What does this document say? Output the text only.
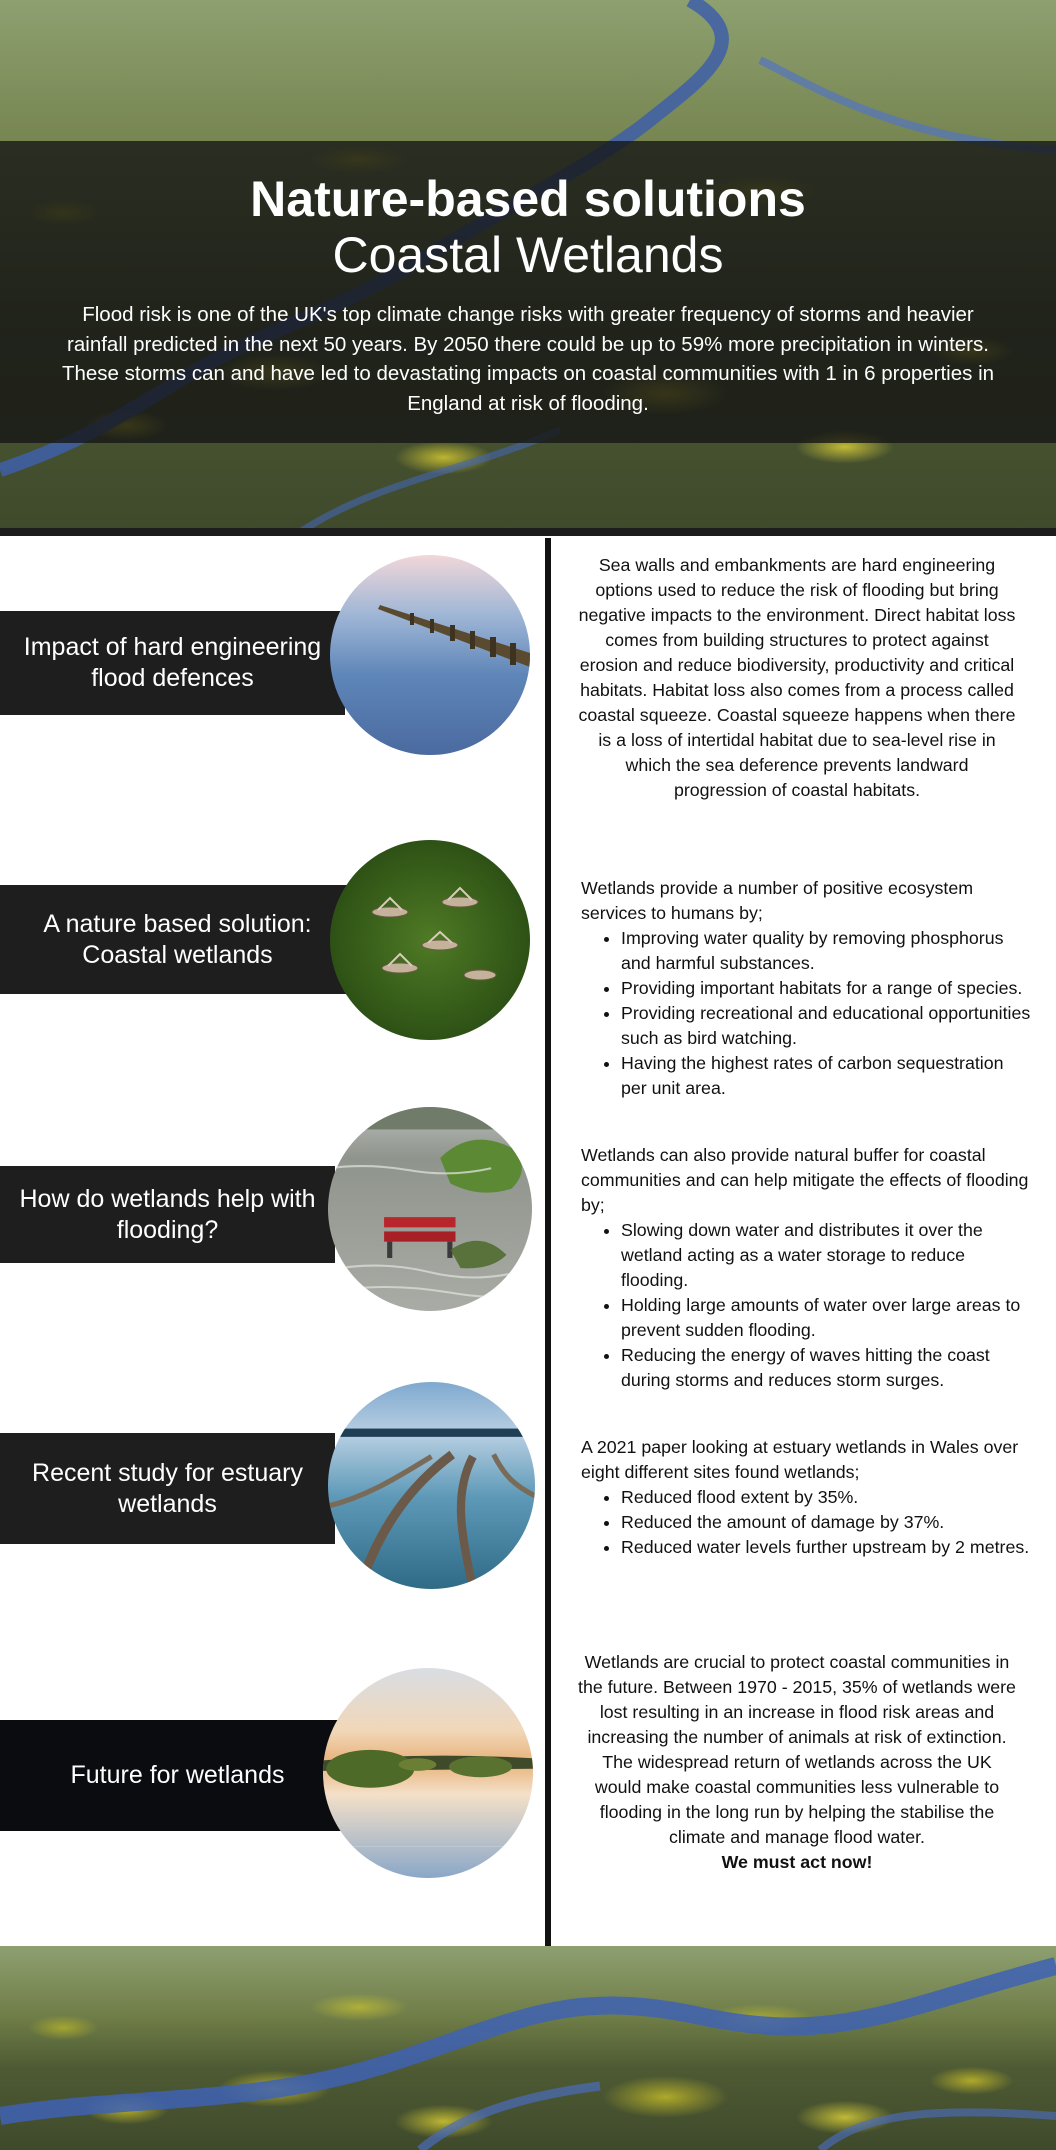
Nature-based solutions
Coastal Wetlands
Flood risk is one of the UK's top climate change risks with greater frequency of storms and heavier rainfall predicted in the next 50 years. By 2050 there could be up to 59% more precipitation in winters. These storms can and have led to devastating impacts on coastal communities with 1 in 6 properties in England at risk of flooding.
Impact of hard engineering flood defences
Sea walls and embankments are hard engineering options used to reduce the risk of flooding but bring negative impacts to the environment. Direct habitat loss comes from building structures to protect against erosion and reduce biodiversity, productivity and critical habitats. Habitat loss also comes from a process called coastal squeeze. Coastal squeeze happens when there is a loss of intertidal habitat due to sea-level rise in which the sea deference prevents landward progression of coastal habitats.
A nature based solution: Coastal wetlands
Wetlands provide a number of positive ecosystem services to humans by;
• Improving water quality by removing phosphorus and harmful substances.
• Providing important habitats for a range of species.
• Providing recreational and educational opportunities such as bird watching.
• Having the highest rates of carbon sequestration per unit area.
How do wetlands help with flooding?
Wetlands can also provide natural buffer for coastal communities and can help mitigate the effects of flooding by;
• Slowing down water and distributes it over the wetland acting as a water storage to reduce flooding.
• Holding large amounts of water over large areas to prevent sudden flooding.
• Reducing the energy of waves hitting the coast during storms and reduces storm surges.
Recent study for estuary wetlands
A 2021 paper looking at estuary wetlands in Wales over eight different sites found wetlands;
• Reduced flood extent by 35%.
• Reduced the amount of damage by 37%.
• Reduced water levels further upstream by 2 metres.
Future for wetlands
Wetlands are crucial to protect coastal communities in the future. Between 1970 - 2015, 35% of wetlands were lost resulting in an increase in flood risk areas and increasing the number of animals at risk of extinction. The widespread return of wetlands across the UK would make coastal communities less vulnerable to flooding in the long run by helping the stabilise the climate and manage flood water.
We must act now!
